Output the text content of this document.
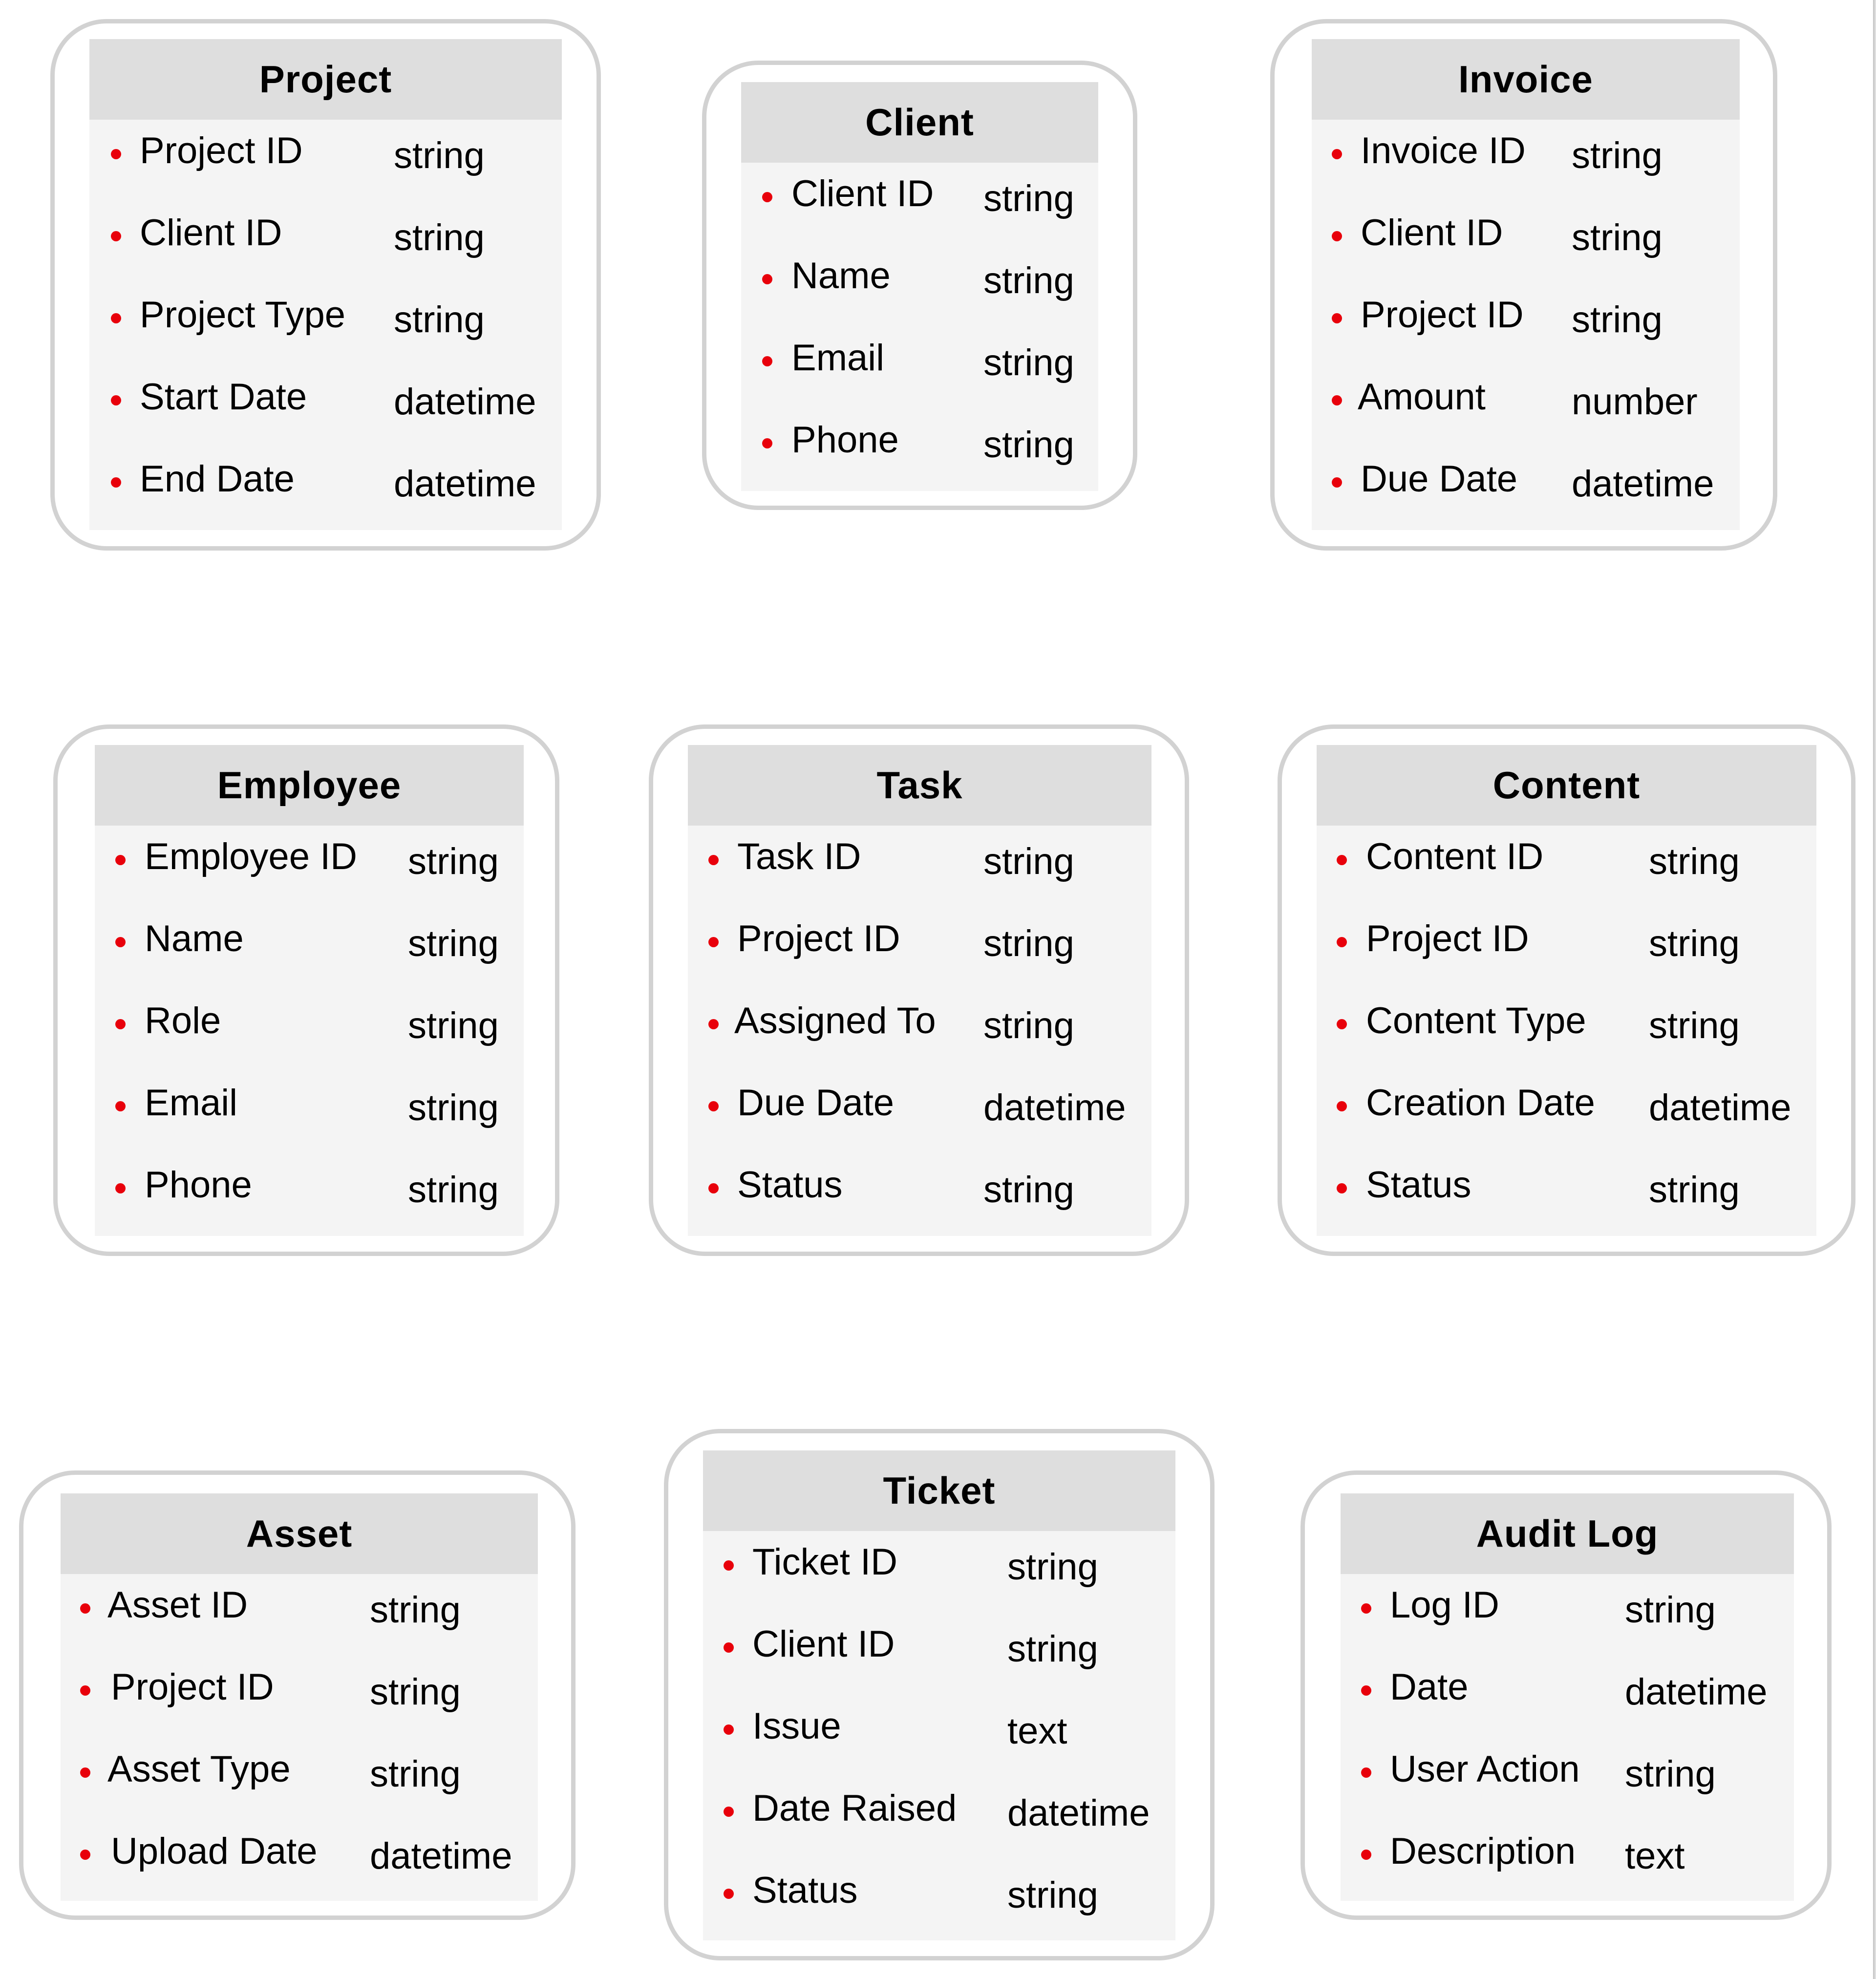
Project
Project ID string
Client ID	string
Project Type string
Start Date datetime
End Date	datetime
Client
Client ID string
Name	string
Email	string
Phone string
Invoice
Invoice ID string
Client ID string
Project ID string
Amount number
Due Date datetime
Employee
Employee ID string
Name	string
Role	string
Email	string
Phone	string
Task
Task ID	string
Project ID string
Assigned To string
Due Date datetime
Status	string
Content
Content ID	string
Project ID	string
Content Type string
Creation Date datetime
Status	string
Asset
Asset ID	string
Project ID	string
Asset Type string
Upload Date datetime
Ticket
Ticket ID	string
Client ID	string
Issue	text
Date Raised datetime
Status	string
Audit Log
Log ID	string
Date	datetime
User Action string
Description text
